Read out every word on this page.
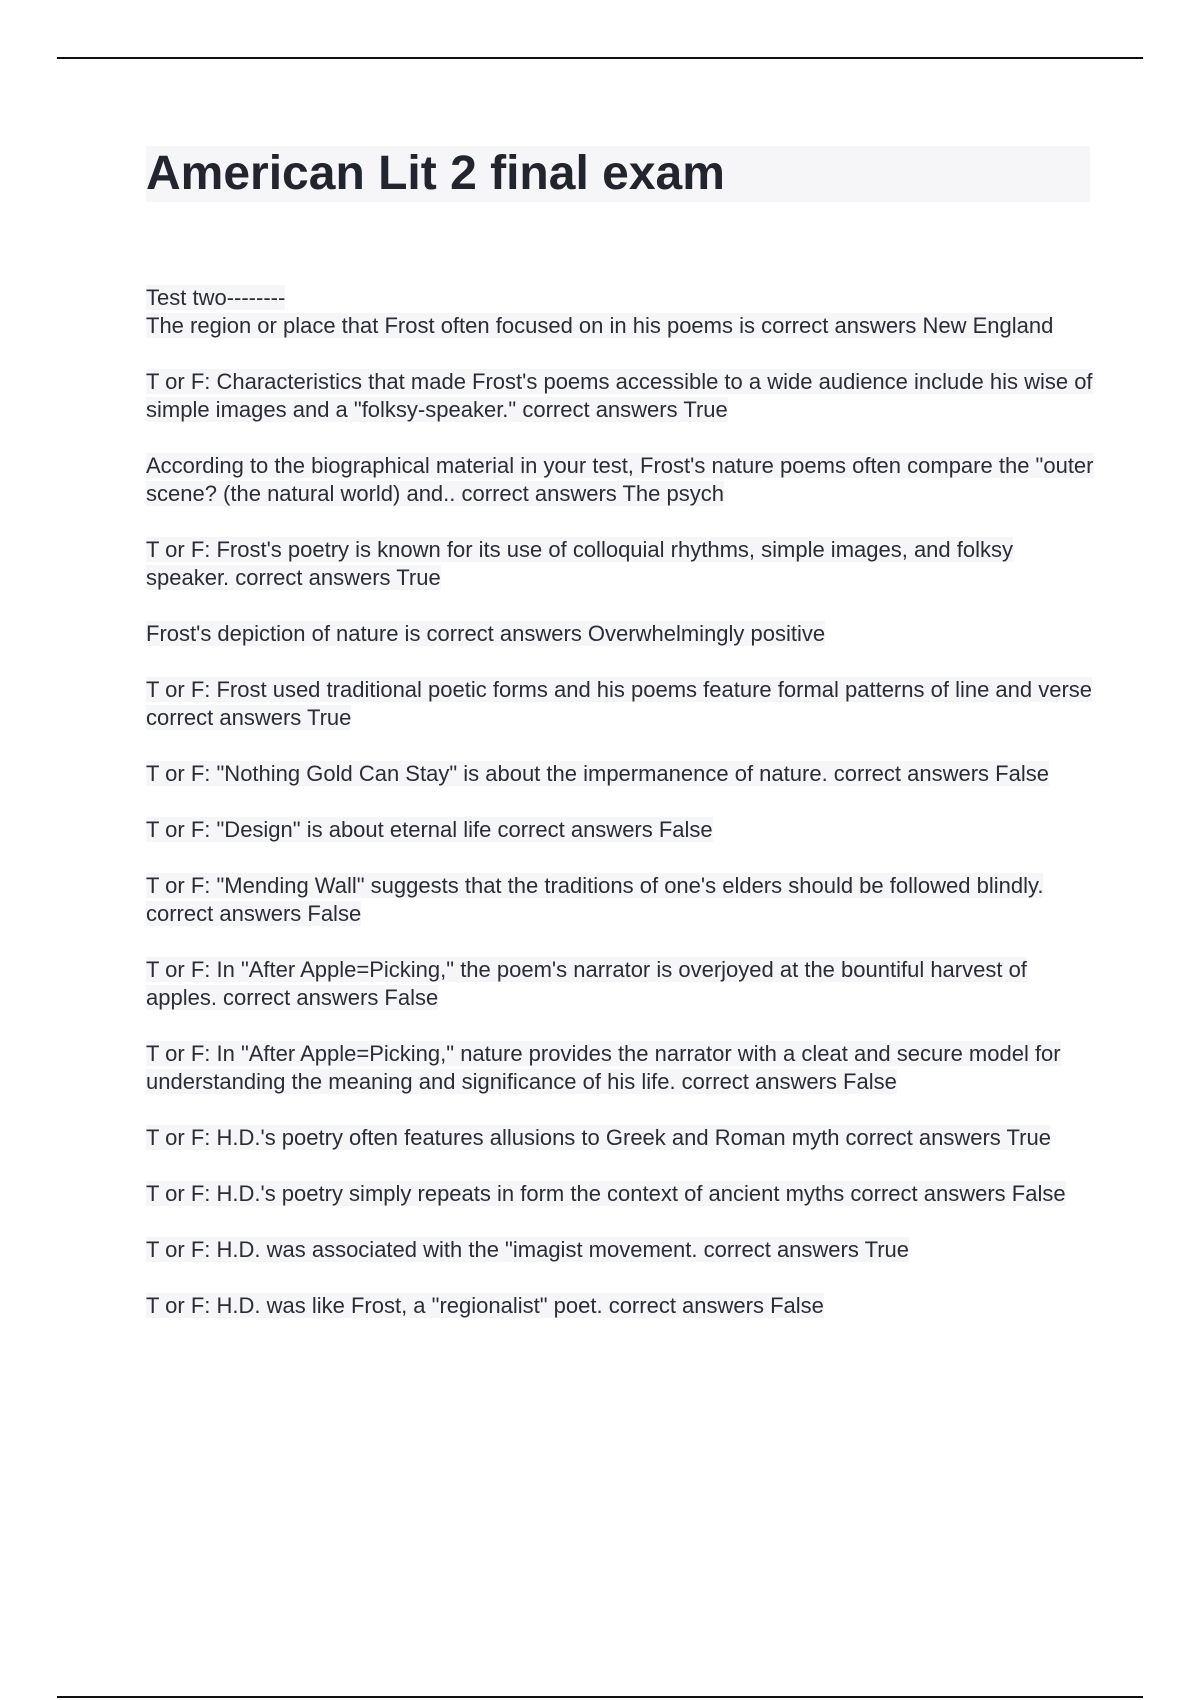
American Lit 2 final exam

Test two--------

The region or place that Frost often focused on in his poems is correct answers New England

T or F: Characteristics that made Frost's poems accessible to a wide audience include his wise of simple images and a "folksy-speaker." correct answers True

According to the biographical material in your test, Frost's nature poems often compare the "outer scene? (the natural world) and.. correct answers The psych

T or F: Frost's poetry is known for its use of colloquial rhythms, simple images, and folksy speaker. correct answers True

Frost's depiction of nature is correct answers Overwhelmingly positive

T or F: Frost used traditional poetic forms and his poems feature formal patterns of line and verse correct answers True

T or F: "Nothing Gold Can Stay" is about the impermanence of nature. correct answers False

T or F: "Design" is about eternal life correct answers False

T or F: "Mending Wall" suggests that the traditions of one's elders should be followed blindly. correct answers False

T or F: In "After Apple=Picking," the poem's narrator is overjoyed at the bountiful harvest of apples. correct answers False

T or F: In "After Apple=Picking," nature provides the narrator with a cleat and secure model for understanding the meaning and significance of his life. correct answers False

T or F: H.D.'s poetry often features allusions to Greek and Roman myth correct answers True

T or F: H.D.'s poetry simply repeats in form the context of ancient myths correct answers False

T or F: H.D. was associated with the "imagist movement. correct answers True

T or F: H.D. was like Frost, a "regionalist" poet. correct answers False
